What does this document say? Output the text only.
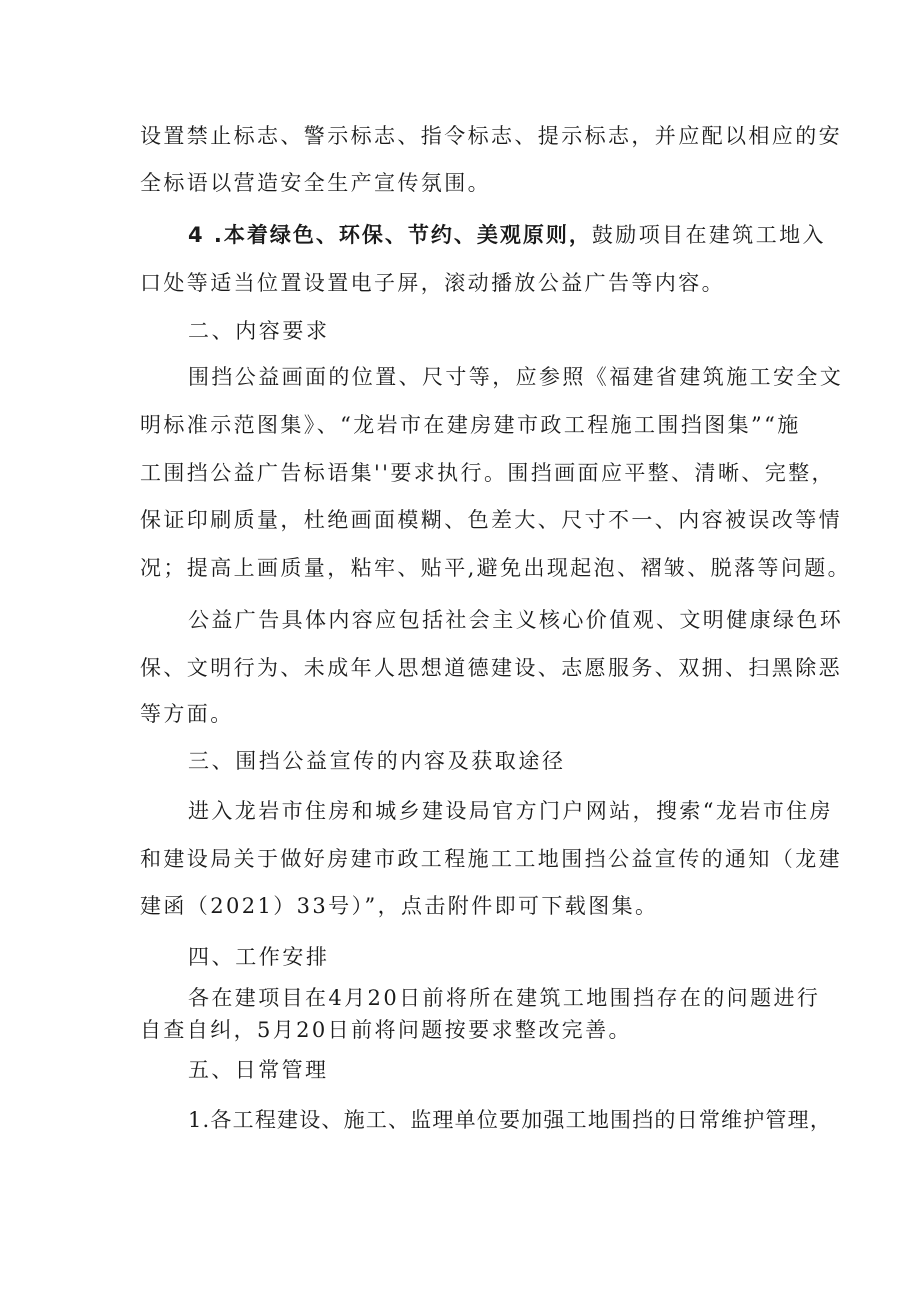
设置禁止标志、警示标志、指令标志、提示标志，并应配以相应的安
全标语以营造安全生产宣传氛围。
4 .本着绿色、环保、节约、美观原则，鼓励项目在建筑工地入
口处等适当位置设置电子屏，滚动播放公益广告等内容。
二、内容要求
围挡公益画面的位置、尺寸等，应参照《福建省建筑施工安全文
明标准示范图集》、“龙岩市在建房建市政工程施工围挡图集”“施
工围挡公益广告标语集''要求执行。围挡画面应平整、清晰、完整，
保证印刷质量，杜绝画面模糊、色差大、尺寸不一、内容被误改等情
况；提高上画质量，粘牢、贴平,避免出现起泡、褶皱、脱落等问题。
公益广告具体内容应包括社会主义核心价值观、文明健康绿色环
保、文明行为、未成年人思想道德建设、志愿服务、双拥、扫黑除恶
等方面。
三、围挡公益宣传的内容及获取途径
进入龙岩市住房和城乡建设局官方门户网站，搜索“龙岩市住房
和建设局关于做好房建市政工程施工工地围挡公益宣传的通知（龙建
建函（2021）33号）”，点击附件即可下载图集。
四、工作安排
各在建项目在4月20日前将所在建筑工地围挡存在的问题进行
自查自纠，5月20日前将问题按要求整改完善。
五、日常管理
1.各工程建设、施工、监理单位要加强工地围挡的日常维护管理，
